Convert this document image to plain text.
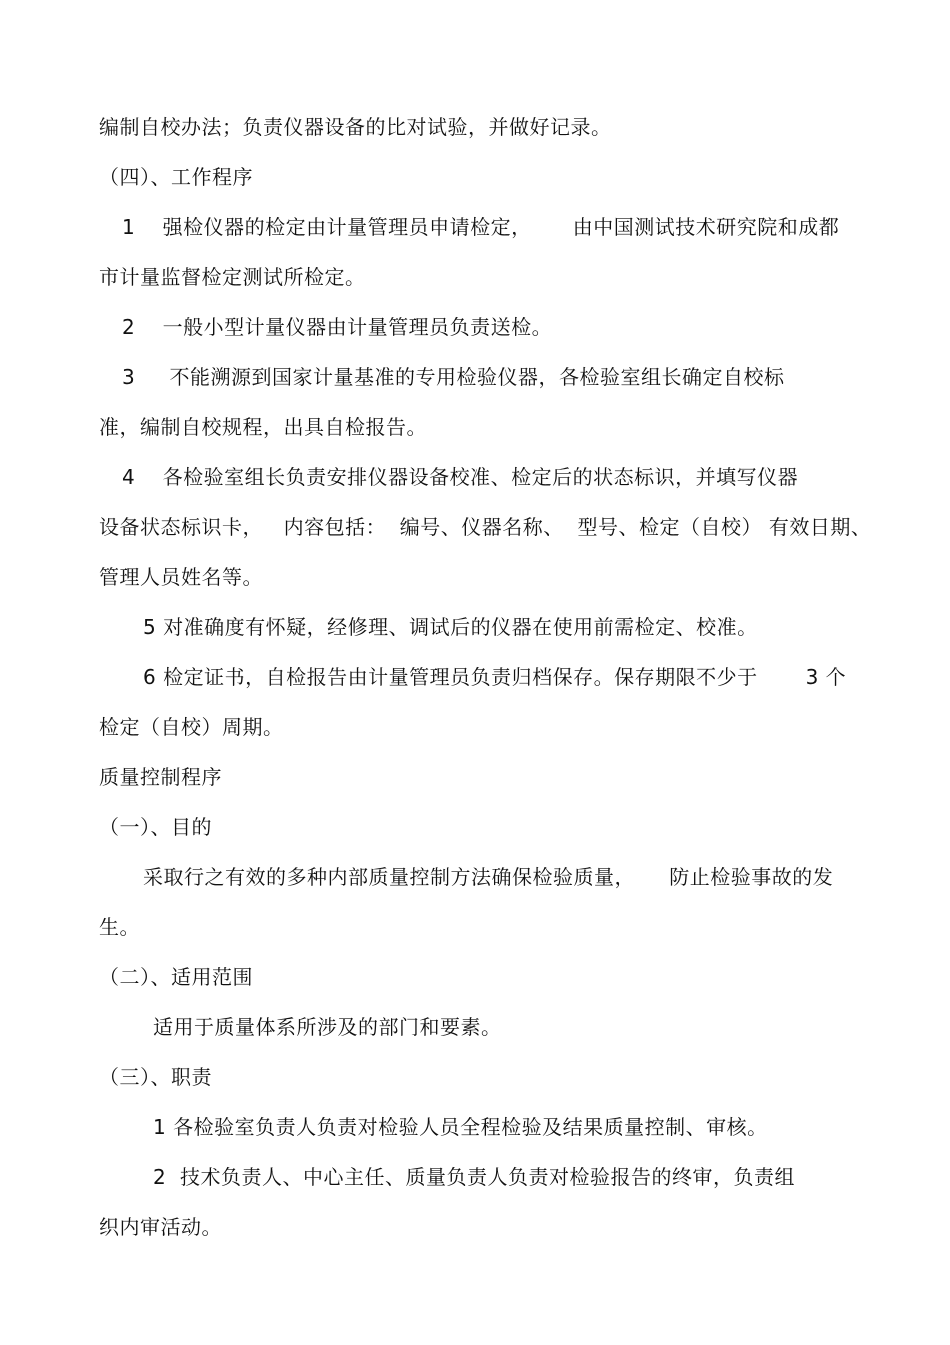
编制自校办法；负责仪器设备的比对试验，并做好记录。
（四）、工作程序
1    强检仪器的检定由计量管理员申请检定，      由中国测试技术研究院和成都
市计量监督检定测试所检定。
2    一般小型计量仪器由计量管理员负责送检。
3     不能溯源到国家计量基准的专用检验仪器，各检验室组长确定自校标
准，编制自校规程，出具自检报告。
4    各检验室组长负责安排仪器设备校准、检定后的状态标识，并填写仪器
设备状态标识卡，   内容包括：  编号、仪器名称、  型号、检定（自校） 有效日期、
管理人员姓名等。
5 对准确度有怀疑，经修理、调试后的仪器在使用前需检定、校准。
6 检定证书，自检报告由计量管理员负责归档保存。保存期限不少于       3 个
检定（自校）周期。
质量控制程序
（一）、目的
采取行之有效的多种内部质量控制方法确保检验质量，     防止检验事故的发
生。
（二）、适用范围
适用于质量体系所涉及的部门和要素。
（三）、职责
1 各检验室负责人负责对检验人员全程检验及结果质量控制、审核。
2  技术负责人、中心主任、质量负责人负责对检验报告的终审，负责组
织内审活动。
